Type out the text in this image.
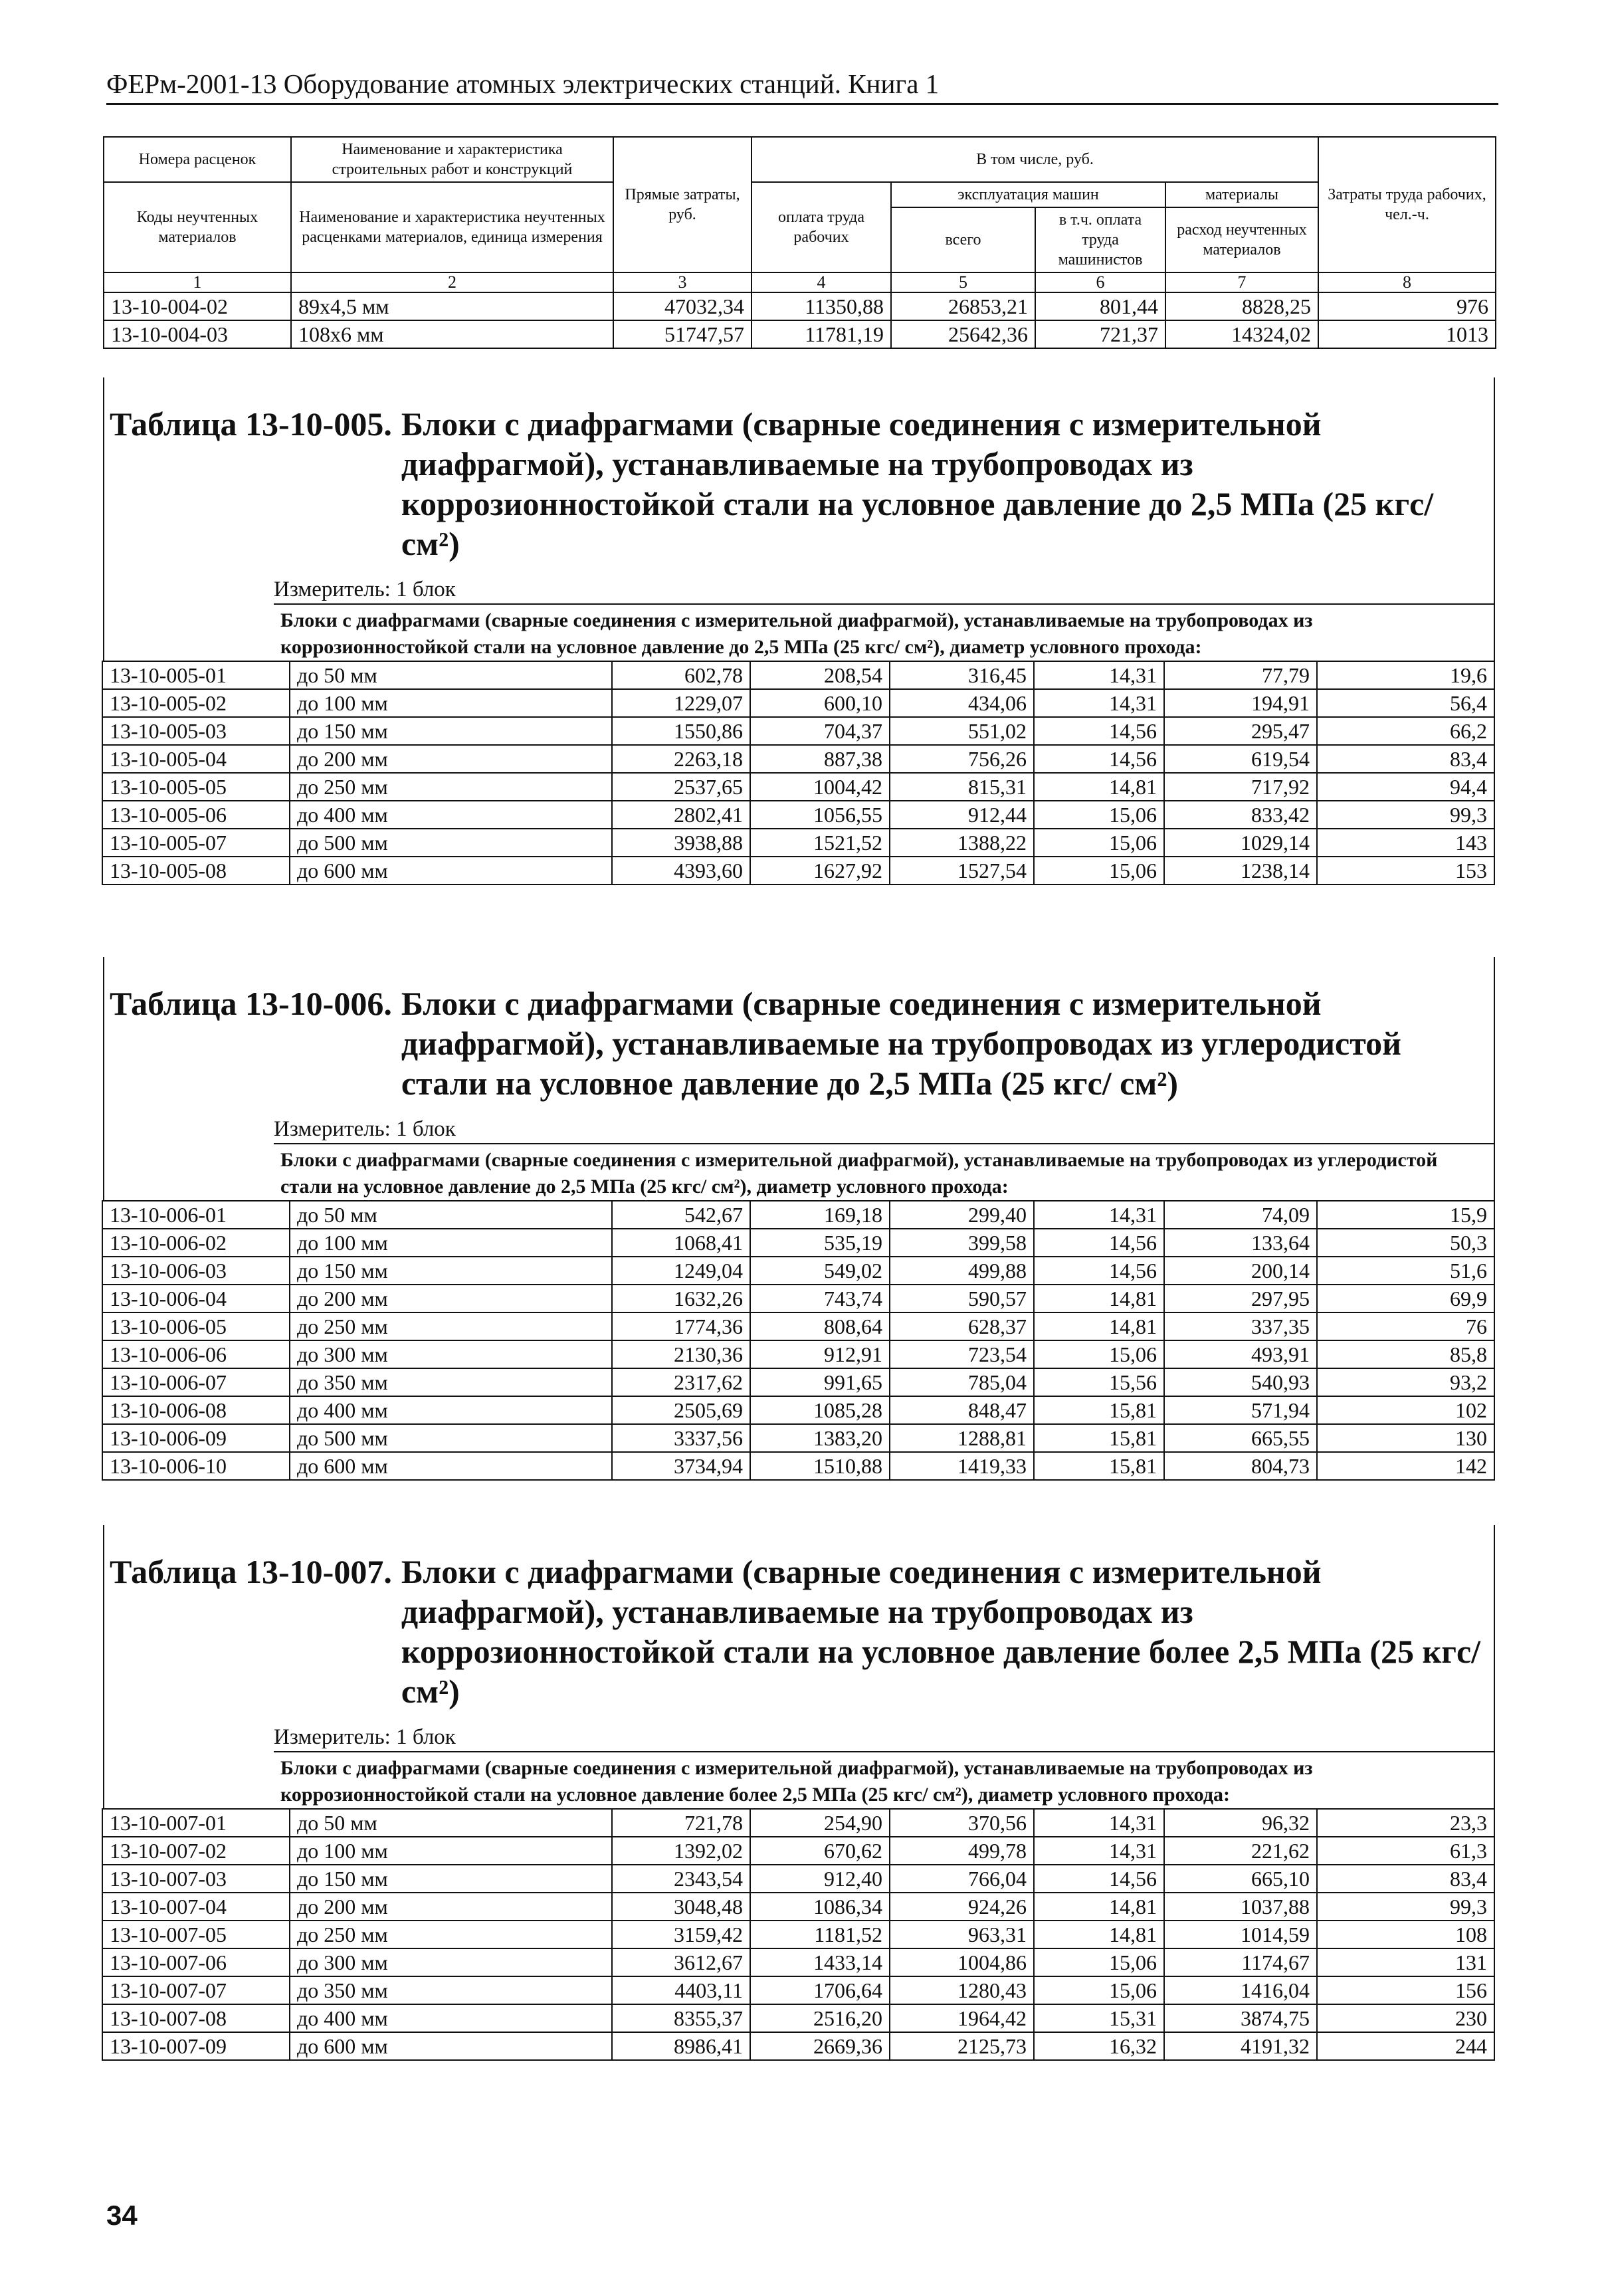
ФЕРм-2001-13 Оборудование атомных электрических станций. Книга 1
Номера расценок	Наименование и характеристика строительных работ и конструкций	Прямые затраты, руб.	В том числе, руб.				Затраты труда рабочих, чел.-ч.
Коды неучтенных материалов	Наименование и характеристика неучтенных расценками материалов, единица измерения		оплата труда рабочих	эксплуатация машин		материалы	
				всего	в т.ч. оплата труда машинистов	расход неучтенных материалов	
1	2	3	4	5	6	7	8
13-10-004-02	89х4,5 мм	47032,34	11350,88	26853,21	801,44	8828,25	976
13-10-004-03	108х6 мм	51747,57	11781,19	25642,36	721,37	14324,02	1013
Таблица 13-10-005. Блоки с диафрагмами (сварные соединения с измерительной диафрагмой), устанавливаемые на трубопроводах из коррозионностойкой стали на условное давление до 2,5 МПа (25 кгс/ см²)
Измеритель: 1 блок
Блоки с диафрагмами (сварные соединения с измерительной диафрагмой), устанавливаемые на трубопроводах из коррозионностойкой стали на условное давление до 2,5 МПа (25 кгс/ см²), диаметр условного прохода:
13-10-005-01	до 50 мм	602,78	208,54	316,45	14,31	77,79	19,6
13-10-005-02	до 100 мм	1229,07	600,10	434,06	14,31	194,91	56,4
13-10-005-03	до 150 мм	1550,86	704,37	551,02	14,56	295,47	66,2
13-10-005-04	до 200 мм	2263,18	887,38	756,26	14,56	619,54	83,4
13-10-005-05	до 250 мм	2537,65	1004,42	815,31	14,81	717,92	94,4
13-10-005-06	до 400 мм	2802,41	1056,55	912,44	15,06	833,42	99,3
13-10-005-07	до 500 мм	3938,88	1521,52	1388,22	15,06	1029,14	143
13-10-005-08	до 600 мм	4393,60	1627,92	1527,54	15,06	1238,14	153
Таблица 13-10-006. Блоки с диафрагмами (сварные соединения с измерительной диафрагмой), устанавливаемые на трубопроводах из углеродистой стали на условное давление до 2,5 МПа (25 кгс/ см²)
Измеритель: 1 блок
Блоки с диафрагмами (сварные соединения с измерительной диафрагмой), устанавливаемые на трубопроводах из углеродистой стали на условное давление до 2,5 МПа (25 кгс/ см²), диаметр условного прохода:
13-10-006-01	до 50 мм	542,67	169,18	299,40	14,31	74,09	15,9
13-10-006-02	до 100 мм	1068,41	535,19	399,58	14,56	133,64	50,3
13-10-006-03	до 150 мм	1249,04	549,02	499,88	14,56	200,14	51,6
13-10-006-04	до 200 мм	1632,26	743,74	590,57	14,81	297,95	69,9
13-10-006-05	до 250 мм	1774,36	808,64	628,37	14,81	337,35	76
13-10-006-06	до 300 мм	2130,36	912,91	723,54	15,06	493,91	85,8
13-10-006-07	до 350 мм	2317,62	991,65	785,04	15,56	540,93	93,2
13-10-006-08	до 400 мм	2505,69	1085,28	848,47	15,81	571,94	102
13-10-006-09	до 500 мм	3337,56	1383,20	1288,81	15,81	665,55	130
13-10-006-10	до 600 мм	3734,94	1510,88	1419,33	15,81	804,73	142
Таблица 13-10-007. Блоки с диафрагмами (сварные соединения с измерительной диафрагмой), устанавливаемые на трубопроводах из коррозионностойкой стали на условное давление более 2,5 МПа (25 кгс/ см²)
Измеритель: 1 блок
Блоки с диафрагмами (сварные соединения с измерительной диафрагмой), устанавливаемые на трубопроводах из коррозионностойкой стали на условное давление более 2,5 МПа (25 кгс/ см²), диаметр условного прохода:
13-10-007-01	до 50 мм	721,78	254,90	370,56	14,31	96,32	23,3
13-10-007-02	до 100 мм	1392,02	670,62	499,78	14,31	221,62	61,3
13-10-007-03	до 150 мм	2343,54	912,40	766,04	14,56	665,10	83,4
13-10-007-04	до 200 мм	3048,48	1086,34	924,26	14,81	1037,88	99,3
13-10-007-05	до 250 мм	3159,42	1181,52	963,31	14,81	1014,59	108
13-10-007-06	до 300 мм	3612,67	1433,14	1004,86	15,06	1174,67	131
13-10-007-07	до 350 мм	4403,11	1706,64	1280,43	15,06	1416,04	156
13-10-007-08	до 400 мм	8355,37	2516,20	1964,42	15,31	3874,75	230
13-10-007-09	до 600 мм	8986,41	2669,36	2125,73	16,32	4191,32	244
34
